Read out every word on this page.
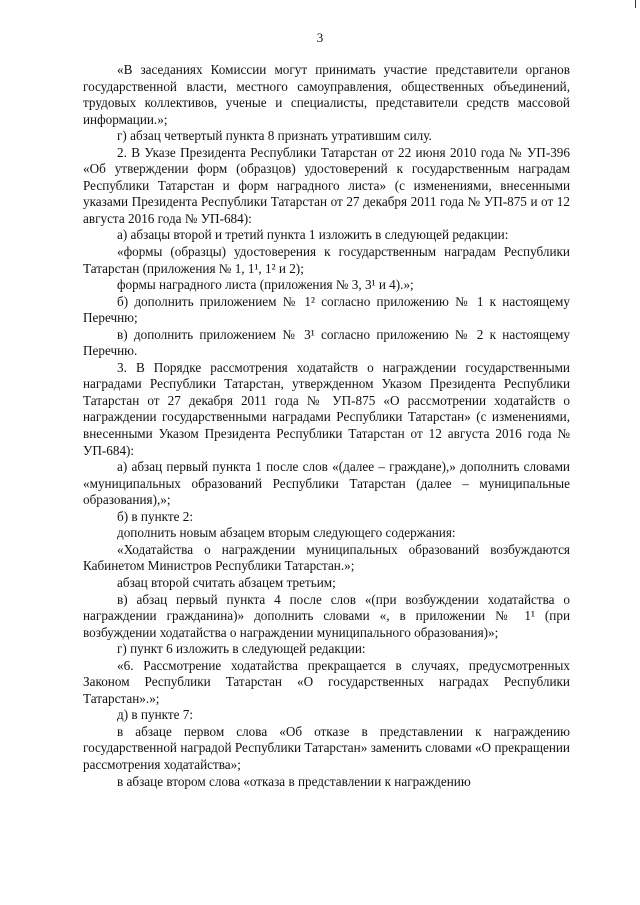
3

«В заседаниях Комиссии могут принимать участие представители органов государственной власти, местного самоуправления, общественных объединений, трудовых коллективов, ученые и специалисты, представители средств массовой информации.»;

г) абзац четвертый пункта 8 признать утратившим силу.

2. В Указе Президента Республики Татарстан от 22 июня 2010 года № УП-396 «Об утверждении форм (образцов) удостоверений к государственным наградам Республики Татарстан и форм наградного листа» (с изменениями, внесенными указами Президента Республики Татарстан от 27 декабря 2011 года № УП-875 и от 12 августа 2016 года № УП-684):

а) абзацы второй и третий пункта 1 изложить в следующей редакции:

«формы (образцы) удостоверения к государственным наградам Республики Татарстан (приложения № 1, 1¹, 1² и 2);

формы наградного листа (приложения № 3, 3¹ и 4).»;

б) дополнить приложением № 1² согласно приложению № 1 к настоящему Перечню;

в) дополнить приложением № 3¹ согласно приложению № 2 к настоящему Перечню.

3. В Порядке рассмотрения ходатайств о награждении государственными наградами Республики Татарстан, утвержденном Указом Президента Республики Татарстан от 27 декабря 2011 года № УП-875 «О рассмотрении ходатайств о награждении государственными наградами Республики Татарстан» (с изменениями, внесенными Указом Президента Республики Татарстан от 12 августа 2016 года № УП-684):

а) абзац первый пункта 1 после слов «(далее – граждане),» дополнить словами «муниципальных образований Республики Татарстан (далее – муниципальные образования),»;

б) в пункте 2:

дополнить новым абзацем вторым следующего содержания:

«Ходатайства о награждении муниципальных образований возбуждаются Кабинетом Министров Республики Татарстан.»;

абзац второй считать абзацем третьим;

в) абзац первый пункта 4 после слов «(при возбуждении ходатайства о награждении гражданина)» дополнить словами «, в приложении № 1¹ (при возбуждении ходатайства о награждении муниципального образования)»;

г) пункт 6 изложить в следующей редакции:

«6. Рассмотрение ходатайства прекращается в случаях, предусмотренных Законом Республики Татарстан «О государственных наградах Республики Татарстан».»;

д) в пункте 7:

в абзаце первом слова «Об отказе в представлении к награждению государственной наградой Республики Татарстан» заменить словами «О прекращении рассмотрения ходатайства»;

в абзаце втором слова «отказа в представлении к награждению
